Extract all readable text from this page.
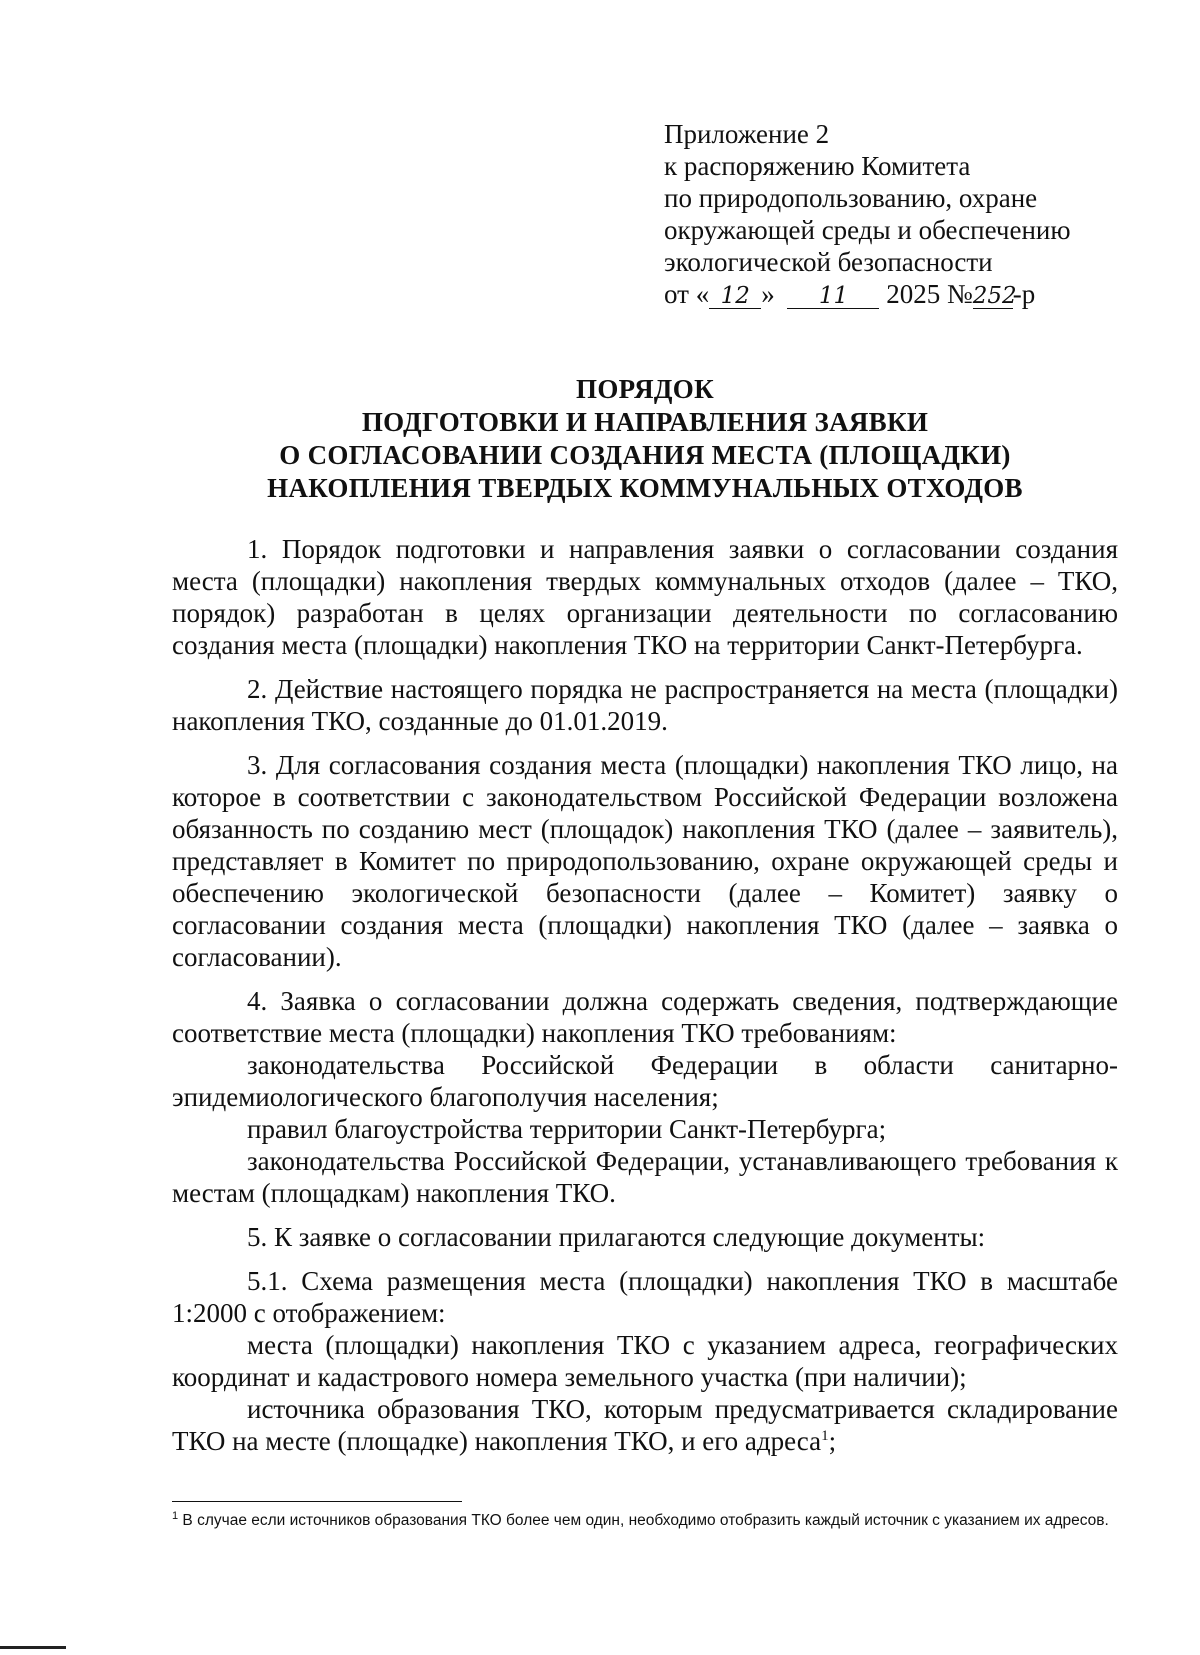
Приложение 2
к распоряжению Комитета
по природопользованию, охране
окружающей среды и обеспечению
экологической безопасности
от « 12 » 11 2025 №252-р
ПОРЯДОК
ПОДГОТОВКИ И НАПРАВЛЕНИЯ ЗАЯВКИ
О СОГЛАСОВАНИИ СОЗДАНИЯ МЕСТА (ПЛОЩАДКИ)
НАКОПЛЕНИЯ ТВЕРДЫХ КОММУНАЛЬНЫХ ОТХОДОВ

1. Порядок подготовки и направления заявки о согласовании создания места (площадки) накопления твердых коммунальных отходов (далее – ТКО, порядок) разработан в целях организации деятельности по согласованию создания места (площадки) накопления ТКО на территории Санкт-Петербурга.

2. Действие настоящего порядка не распространяется на места (площадки) накопления ТКО, созданные до 01.01.2019.

3. Для согласования создания места (площадки) накопления ТКО лицо, на которое в соответствии с законодательством Российской Федерации возложена обязанность по созданию мест (площадок) накопления ТКО (далее – заявитель), представляет в Комитет по природопользованию, охране окружающей среды и обеспечению экологической безопасности (далее – Комитет) заявку о согласовании создания места (площадки) накопления ТКО (далее – заявка о согласовании).

4. Заявка о согласовании должна содержать сведения, подтверждающие соответствие места (площадки) накопления ТКО требованиям:

законодательства Российской Федерации в области санитарно-эпидемиологического благополучия населения;

правил благоустройства территории Санкт-Петербурга;

законодательства Российской Федерации, устанавливающего требования к местам (площадкам) накопления ТКО.

5. К заявке о согласовании прилагаются следующие документы:

5.1. Схема размещения места (площадки) накопления ТКО в масштабе 1:2000 с отображением:

места (площадки) накопления ТКО с указанием адреса, географических координат и кадастрового номера земельного участка (при наличии);

источника образования ТКО, которым предусматривается складирование ТКО на месте (площадке) накопления ТКО, и его адреса$^1$;

$^1$ В случае если источников образования ТКО более чем один, необходимо отобразить каждый источник с указанием их адресов.
